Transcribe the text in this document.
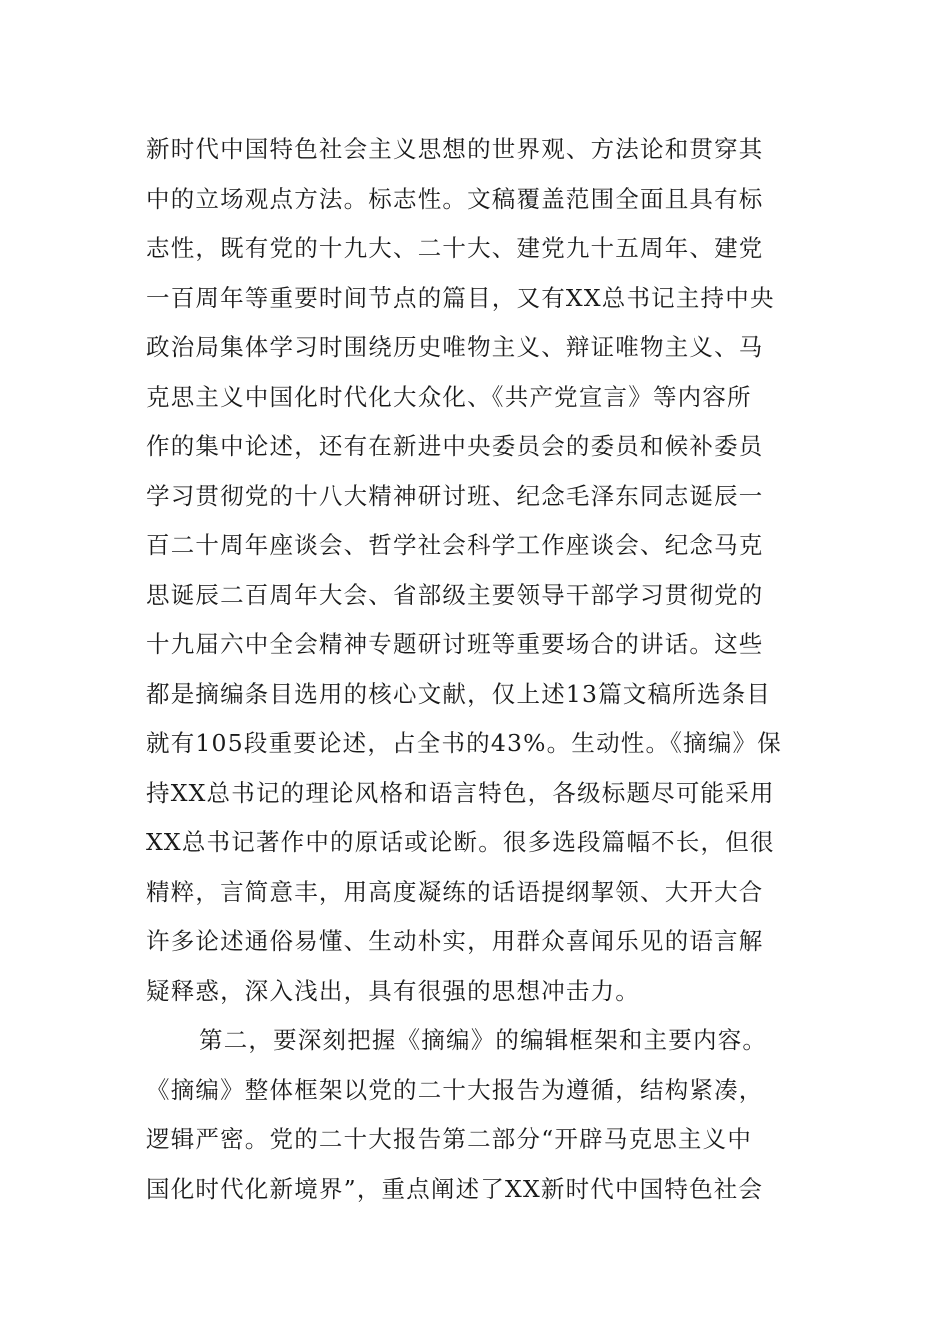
新时代中国特色社会主义思想的世界观、方法论和贯穿其
中的立场观点方法。标志性。文稿覆盖范围全面且具有标
志性，既有党的十九大、二十大、建党九十五周年、建党
一百周年等重要时间节点的篇目，又有XX总书记主持中央
政治局集体学习时围绕历史唯物主义、辩证唯物主义、马
克思主义中国化时代化大众化、《共产党宣言》等内容所
作的集中论述，还有在新进中央委员会的委员和候补委员
学习贯彻党的十八大精神研讨班、纪念毛泽东同志诞辰一
百二十周年座谈会、哲学社会科学工作座谈会、纪念马克
思诞辰二百周年大会、省部级主要领导干部学习贯彻党的
十九届六中全会精神专题研讨班等重要场合的讲话。这些
都是摘编条目选用的核心文献，仅上述13篇文稿所选条目
就有105段重要论述，占全书的43%。生动性。《摘编》保
持XX总书记的理论风格和语言特色，各级标题尽可能采用
XX总书记著作中的原话或论断。很多选段篇幅不长，但很
精粹，言简意丰，用高度凝练的话语提纲挈领、大开大合
许多论述通俗易懂、生动朴实，用群众喜闻乐见的语言解
疑释惑，深入浅出，具有很强的思想冲击力。
第二，要深刻把握《摘编》的编辑框架和主要内容。
《摘编》整体框架以党的二十大报告为遵循，结构紧凑，
逻辑严密。党的二十大报告第二部分“开辟马克思主义中
国化时代化新境界”，重点阐述了XX新时代中国特色社会
